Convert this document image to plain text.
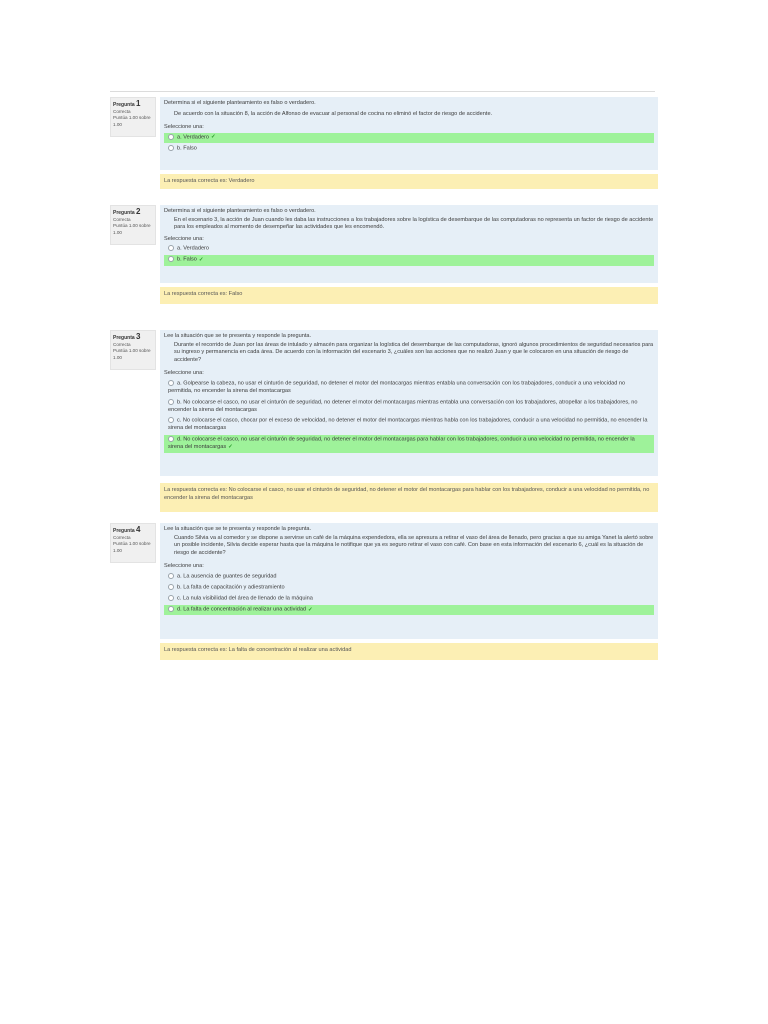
Pregunta 1
Correcta
Puntúa 1.00 sobre 1.00

Determina si el siguiente planteamiento es falso o verdadero.

De acuerdo con la situación 8, la acción de Alfonso de evacuar al personal de cocina no eliminó el factor de riesgo de accidente.

Seleccione una:
a. Verdadero ✓
b. Falso
La respuesta correcta es: Verdadero
Pregunta 2
Correcta
Puntúa 1.00 sobre 1.00

Determina si el siguiente planteamiento es falso o verdadero.

En el escenario 3, la acción de Juan cuando les daba las instrucciones a los trabajadores sobre la logística de desembarque de las computadoras no representa un factor de riesgo de accidente para los empleados al momento de desempeñar las actividades que les encomendó.

Seleccione una:
a. Verdadero
b. Falso ✓
La respuesta correcta es: Falso
Pregunta 3
Correcta
Puntúa 1.00 sobre 1.00

Lee la situación que se te presenta y responde la pregunta.

Durante el recorrido de Juan por las áreas de intulado y almacén para organizar la logística del desembarque de las computadoras, ignoró algunos procedimientos de seguridad necesarios para su ingreso y permanencia en cada área. De acuerdo con la información del escenario 3, ¿cuáles son las acciones que no realizó Juan y que le colocaron en una situación de riesgo de accidente?

Seleccione una:
a. Golpearse la cabeza, no usar el cinturón de seguridad, no detener el motor del montacargas mientras entabla una conversación con los trabajadores, conducir a una velocidad no permitida, no encender la sirena del montacargas
b. No colocarse el casco, no usar el cinturón de seguridad, no detener el motor del montacargas mientras entabla una conversación con los trabajadores, atropellar a los trabajadores, no encender la sirena del montacargas
c. No colocarse el casco, chocar por el exceso de velocidad, no detener el motor del montacargas mientras habla con los trabajadores, conducir a una velocidad no permitida, no encender la sirena del montacargas
d. No colocarse el casco, no usar el cinturón de seguridad, no detener el motor del montacargas para hablar con los trabajadores, conducir a una velocidad no permitida, no encender la sirena del montacargas ✓
La respuesta correcta es: No colocarse el casco, no usar el cinturón de seguridad, no detener el motor del montacargas para hablar con los trabajadores, conducir a una velocidad no permitida, no encender la sirena del montacargas
Pregunta 4
Correcta
Puntúa 1.00 sobre 1.00

Lee la situación que se te presenta y responde la pregunta.

Cuando Silvia va al comedor y se dispone a servirse un café de la máquina expendedora, ella se apresura a retirar el vaso del área de llenado, pero gracias a que su amiga Yanet la alertó sobre un posible incidente, Silvia decide esperar hasta que la máquina le notifique que ya es seguro retirar el vaso con café. Con base en esta información del escenario 6, ¿cuál es la situación de riesgo de accidente?

Seleccione una:
a. La ausencia de guantes de seguridad
b. La falta de capacitación y adiestramiento
c. La nula visibilidad del área de llenado de la máquina
d. La falta de concentración al realizar una actividad ✓
La respuesta correcta es: La falta de concentración al realizar una actividad
